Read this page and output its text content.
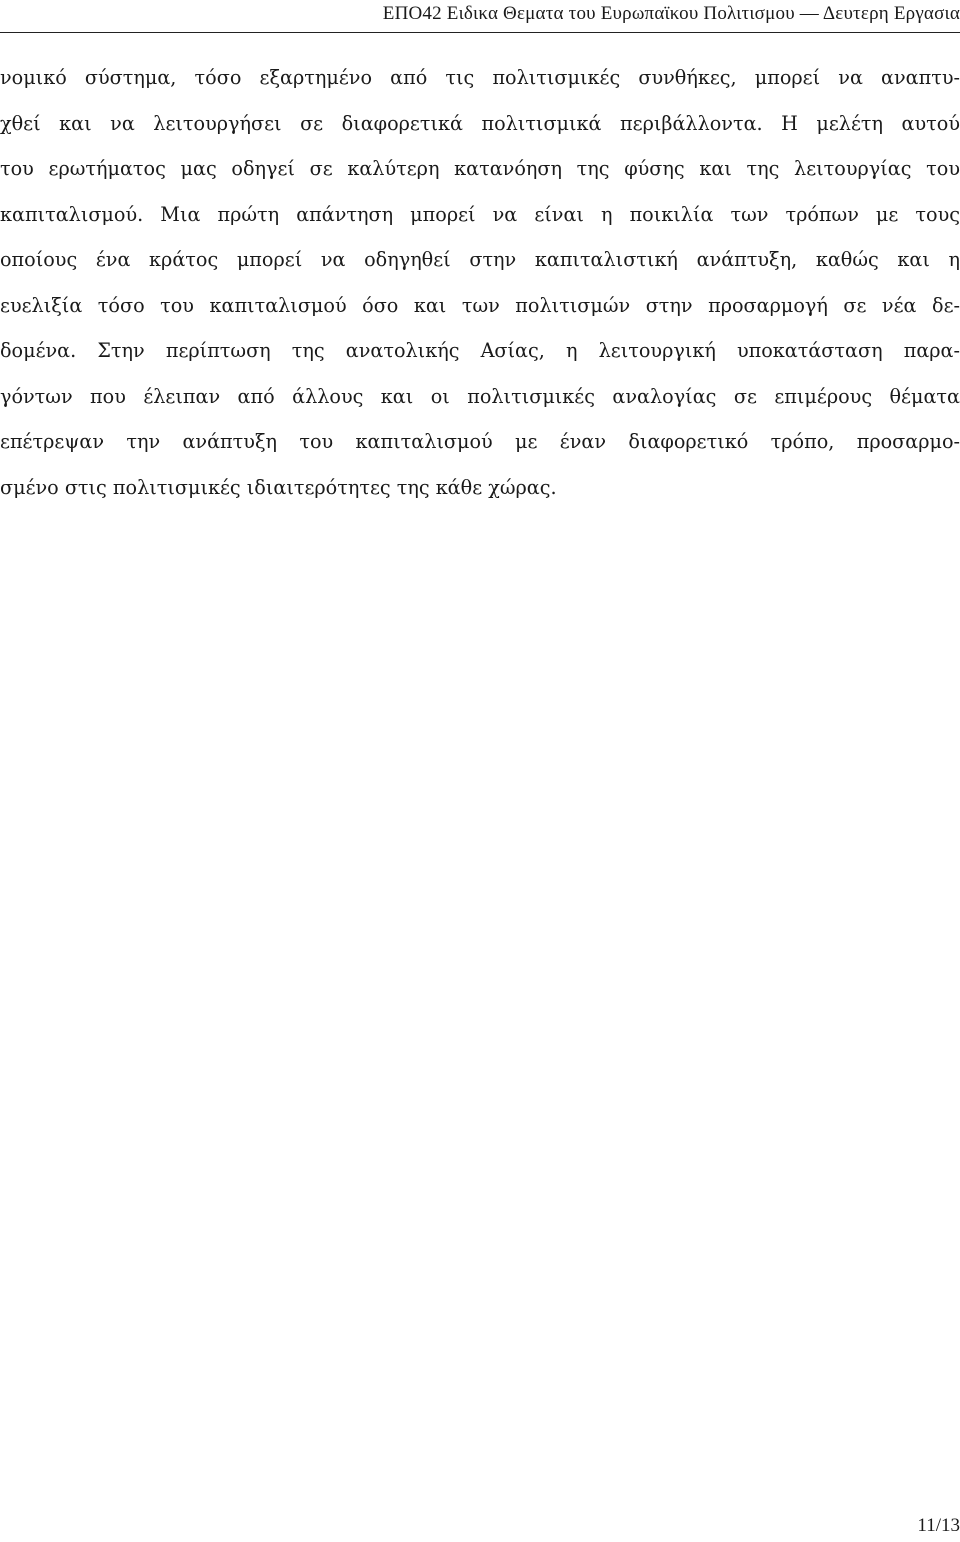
ΕΠΟ42 Ειδικα Θεματα του Ευρωπαϊκου Πολιτισμου — Δευτερη Εργασια
νομικό σύστημα, τόσο εξαρτημένο από τις πολιτισμικές συνθήκες, μπορεί να αναπτυ-
χθεί και να λειτουργήσει σε διαφορετικά πολιτισμικά περιβάλλοντα. Η μελέτη αυτού
του ερωτήματος μας οδηγεί σε καλύτερη κατανόηση της φύσης και της λειτουργίας του
καπιταλισμού. Μια πρώτη απάντηση μπορεί να είναι η ποικιλία των τρόπων με τους
οποίους ένα κράτος μπορεί να οδηγηθεί στην καπιταλιστική ανάπτυξη, καθώς και η
ευελιξία τόσο του καπιταλισμού όσο και των πολιτισμών στην προσαρμογή σε νέα δε-
δομένα. Στην περίπτωση της ανατολικής Ασίας, η λειτουργική υποκατάσταση παρα-
γόντων που έλειπαν από άλλους και οι πολιτισμικές αναλογίας σε επιμέρους θέματα
επέτρεψαν την ανάπτυξη του καπιταλισμού με έναν διαφορετικό τρόπο, προσαρμο-
σμένο στις πολιτισμικές ιδιαιτερότητες της κάθε χώρας.
11/13
